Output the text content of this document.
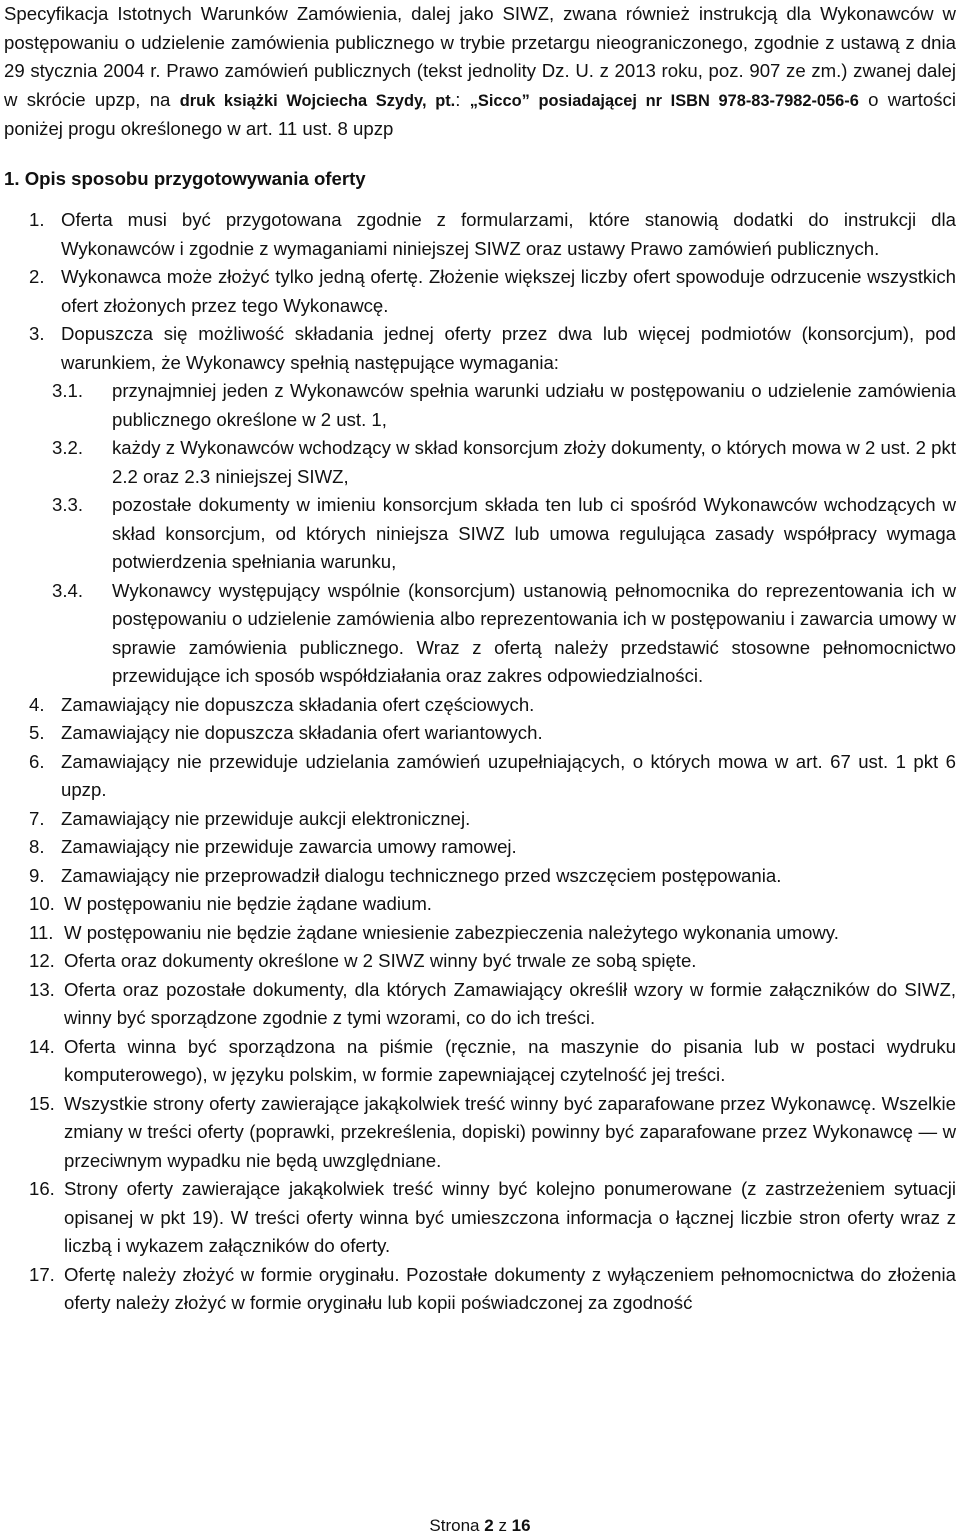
Specyfikacja Istotnych Warunków Zamówienia, dalej jako SIWZ, zwana również instrukcją dla Wykonawców w postępowaniu o udzielenie zamówienia publicznego w trybie przetargu nieograniczonego, zgodnie z ustawą z dnia 29 stycznia 2004 r. Prawo zamówień publicznych (tekst jednolity Dz. U. z 2013 roku, poz. 907 ze zm.) zwanej dalej w skrócie upzp, na druk książki Wojciecha Szydy, pt.: „Sicco” posiadającej nr ISBN 978-83-7982-056-6 o wartości poniżej progu określonego w art. 11 ust. 8 upzp

1. Opis sposobu przygotowywania oferty

1. Oferta musi być przygotowana zgodnie z formularzami, które stanowią dodatki do instrukcji dla Wykonawców i zgodnie z wymaganiami niniejszej SIWZ oraz ustawy Prawo zamówień publicznych.
2. Wykonawca może złożyć tylko jedną ofertę. Złożenie większej liczby ofert spowoduje odrzucenie wszystkich ofert złożonych przez tego Wykonawcę.
3. Dopuszcza się możliwość składania jednej oferty przez dwa lub więcej podmiotów (konsorcjum), pod warunkiem, że Wykonawcy spełnią następujące wymagania:
3.1.	przynajmniej jeden z Wykonawców spełnia warunki udziału w postępowaniu o udzielenie zamówienia publicznego określone w 2 ust. 1,
3.2.	każdy z Wykonawców wchodzący w skład konsorcjum złoży dokumenty, o których mowa w 2 ust. 2 pkt 2.2 oraz 2.3 niniejszej SIWZ,
3.3.	pozostałe dokumenty w imieniu konsorcjum składa ten lub ci spośród Wykonawców wchodzących w skład konsorcjum, od których niniejsza SIWZ lub umowa regulująca zasady współpracy wymaga potwierdzenia spełniania warunku,
3.4.	Wykonawcy występujący wspólnie (konsorcjum) ustanowią pełnomocnika do reprezentowania ich w postępowaniu o udzielenie zamówienia albo reprezentowania ich w postępowaniu i zawarcia umowy w sprawie zamówienia publicznego. Wraz z ofertą należy przedstawić stosowne pełnomocnictwo przewidujące ich sposób współdziałania oraz zakres odpowiedzialności.
4. Zamawiający nie dopuszcza składania ofert częściowych.
5. Zamawiający nie dopuszcza składania ofert wariantowych.
6. Zamawiający nie przewiduje udzielania zamówień uzupełniających, o których mowa w art. 67 ust. 1 pkt 6 upzp.
7. Zamawiający nie przewiduje aukcji elektronicznej.
8. Zamawiający nie przewiduje zawarcia umowy ramowej.
9. Zamawiający nie przeprowadził dialogu technicznego przed wszczęciem postępowania.
10. W postępowaniu nie będzie żądane wadium.
11. W postępowaniu nie będzie żądane wniesienie zabezpieczenia należytego wykonania umowy.
12. Oferta oraz dokumenty określone w 2 SIWZ winny być trwale ze sobą spięte.
13. Oferta oraz pozostałe dokumenty, dla których Zamawiający określił wzory w formie załączników do SIWZ, winny być sporządzone zgodnie z tymi wzorami, co do ich treści.
14. Oferta winna być sporządzona na piśmie (ręcznie, na maszynie do pisania lub w postaci wydruku komputerowego), w języku polskim, w formie zapewniającej czytelność jej treści.
15. Wszystkie strony oferty zawierające jakąkolwiek treść winny być zaparafowane przez Wykonawcę. Wszelkie zmiany w treści oferty (poprawki, przekreślenia, dopiski) powinny być zaparafowane przez Wykonawcę — w przeciwnym wypadku nie będą uwzględniane.
16. Strony oferty zawierające jakąkolwiek treść winny być kolejno ponumerowane (z zastrzeżeniem sytuacji opisanej w pkt 19). W treści oferty winna być umieszczona informacja o łącznej liczbie stron oferty wraz z liczbą i wykazem załączników do oferty.
17. Ofertę należy złożyć w formie oryginału. Pozostałe dokumenty z wyłączeniem pełnomocnictwa do złożenia oferty należy złożyć w formie oryginału lub kopii poświadczonej za zgodność
Strona 2 z 16
